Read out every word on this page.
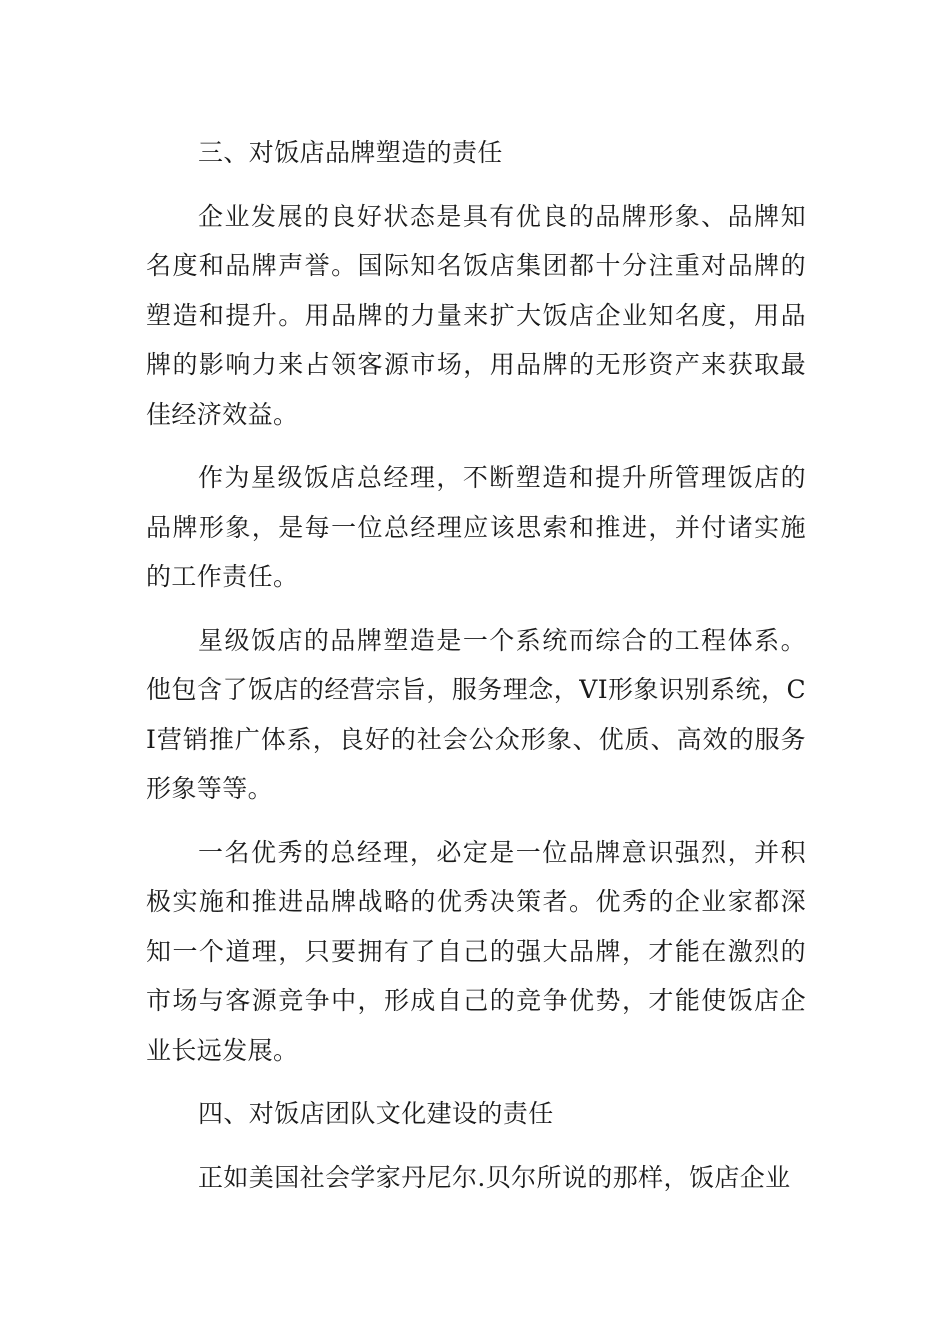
三、对饭店品牌塑造的责任

企业发展的良好状态是具有优良的品牌形象、品牌知名度和品牌声誉。国际知名饭店集团都十分注重对品牌的塑造和提升。用品牌的力量来扩大饭店企业知名度，用品牌的影响力来占领客源市场，用品牌的无形资产来获取最佳经济效益。

作为星级饭店总经理，不断塑造和提升所管理饭店的品牌形象，是每一位总经理应该思索和推进，并付诸实施的工作责任。

星级饭店的品牌塑造是一个系统而综合的工程体系。他包含了饭店的经营宗旨，服务理念，VI形象识别系统，CI营销推广体系，良好的社会公众形象、优质、高效的服务形象等等。

一名优秀的总经理，必定是一位品牌意识强烈，并积极实施和推进品牌战略的优秀决策者。优秀的企业家都深知一个道理，只要拥有了自己的强大品牌，才能在激烈的市场与客源竞争中，形成自己的竞争优势，才能使饭店企业长远发展。

四、对饭店团队文化建设的责任

正如美国社会学家丹尼尔.贝尔所说的那样，饭店企业
